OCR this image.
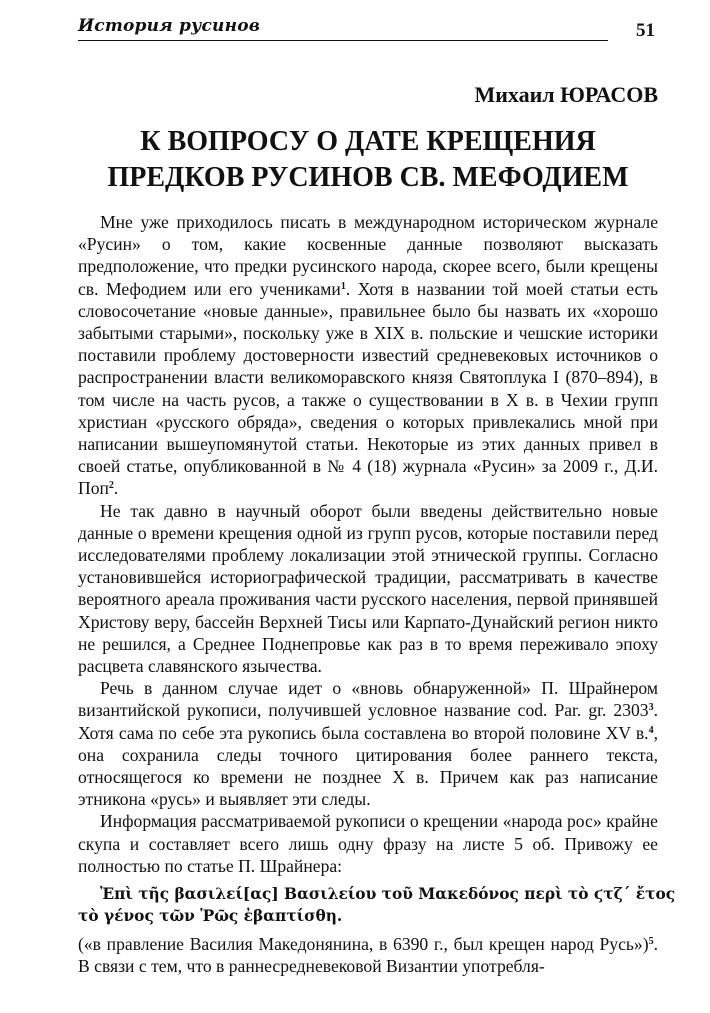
История русинов	51
Михаил ЮРАСОВ
К ВОПРОСУ О ДАТЕ КРЕЩЕНИЯ
ПРЕДКОВ РУСИНОВ СВ. МЕФОДИЕМ

Мне уже приходилось писать в международном историческом журнале «Русин» о том, какие косвенные данные позволяют высказать предположение, что предки русинского народа, скорее всего, были крещены св. Мефодием или его учениками$^1$. Хотя в названии той моей статьи есть словосочетание «новые данные», правильнее было бы назвать их «хорошо забытыми старыми», поскольку уже в XIX в. польские и чешские историки поставили проблему достоверности известий средневековых источников о распространении власти великоморавского князя Святоплука I (870–894), в том числе на часть русов, а также о существовании в X в. в Чехии групп христиан «русского обряда», сведения о которых привлекались мной при написании вышеупомянутой статьи. Некоторые из этих данных привел в своей статье, опубликованной в № 4 (18) журнала «Русин» за 2009 г., Д.И. Поп$^2$.

Не так давно в научный оборот были введены действительно новые данные о времени крещения одной из групп русов, которые поставили перед исследователями проблему локализации этой этнической группы. Согласно установившейся историографической традиции, рассматривать в качестве вероятного ареала проживания части русского населения, первой принявшей Христову веру, бассейн Верхней Тисы или Карпато-Дунайский регион никто не решился, а Среднее Поднепровье как раз в то время переживало эпоху расцвета славянского язычества.

Речь в данном случае идет о «вновь обнаруженной» П. Шрайнером византийской рукописи, получившей условное название cod. Par. gr. 2303$^3$. Хотя сама по себе эта рукопись была составлена во второй половине XV в.$^4$, она сохранила следы точного цитирования более раннего текста, относящегося ко времени не позднее X в. Причем как раз написание этникона «русь» и выявляет эти следы.

Информация рассматриваемой рукописи о крещении «народа рос» крайне скупа и составляет всего лишь одну фразу на листе 5 об. Привожу ее полностью по статье П. Шрайнера:

Ἐπὶ τῆς βασιλεί[ας] Βασιλείου τοῦ Μακεδόνος περὶ τὸ ϛτζ´ ἔτος
τὸ γένος τῶν Ῥῶς ἐβαπτίσθη.

(«в правление Василия Македонянина, в 6390 г., был крещен народ Русь»)$^5$. В связи с тем, что в раннесредневековой Византии употребля-
